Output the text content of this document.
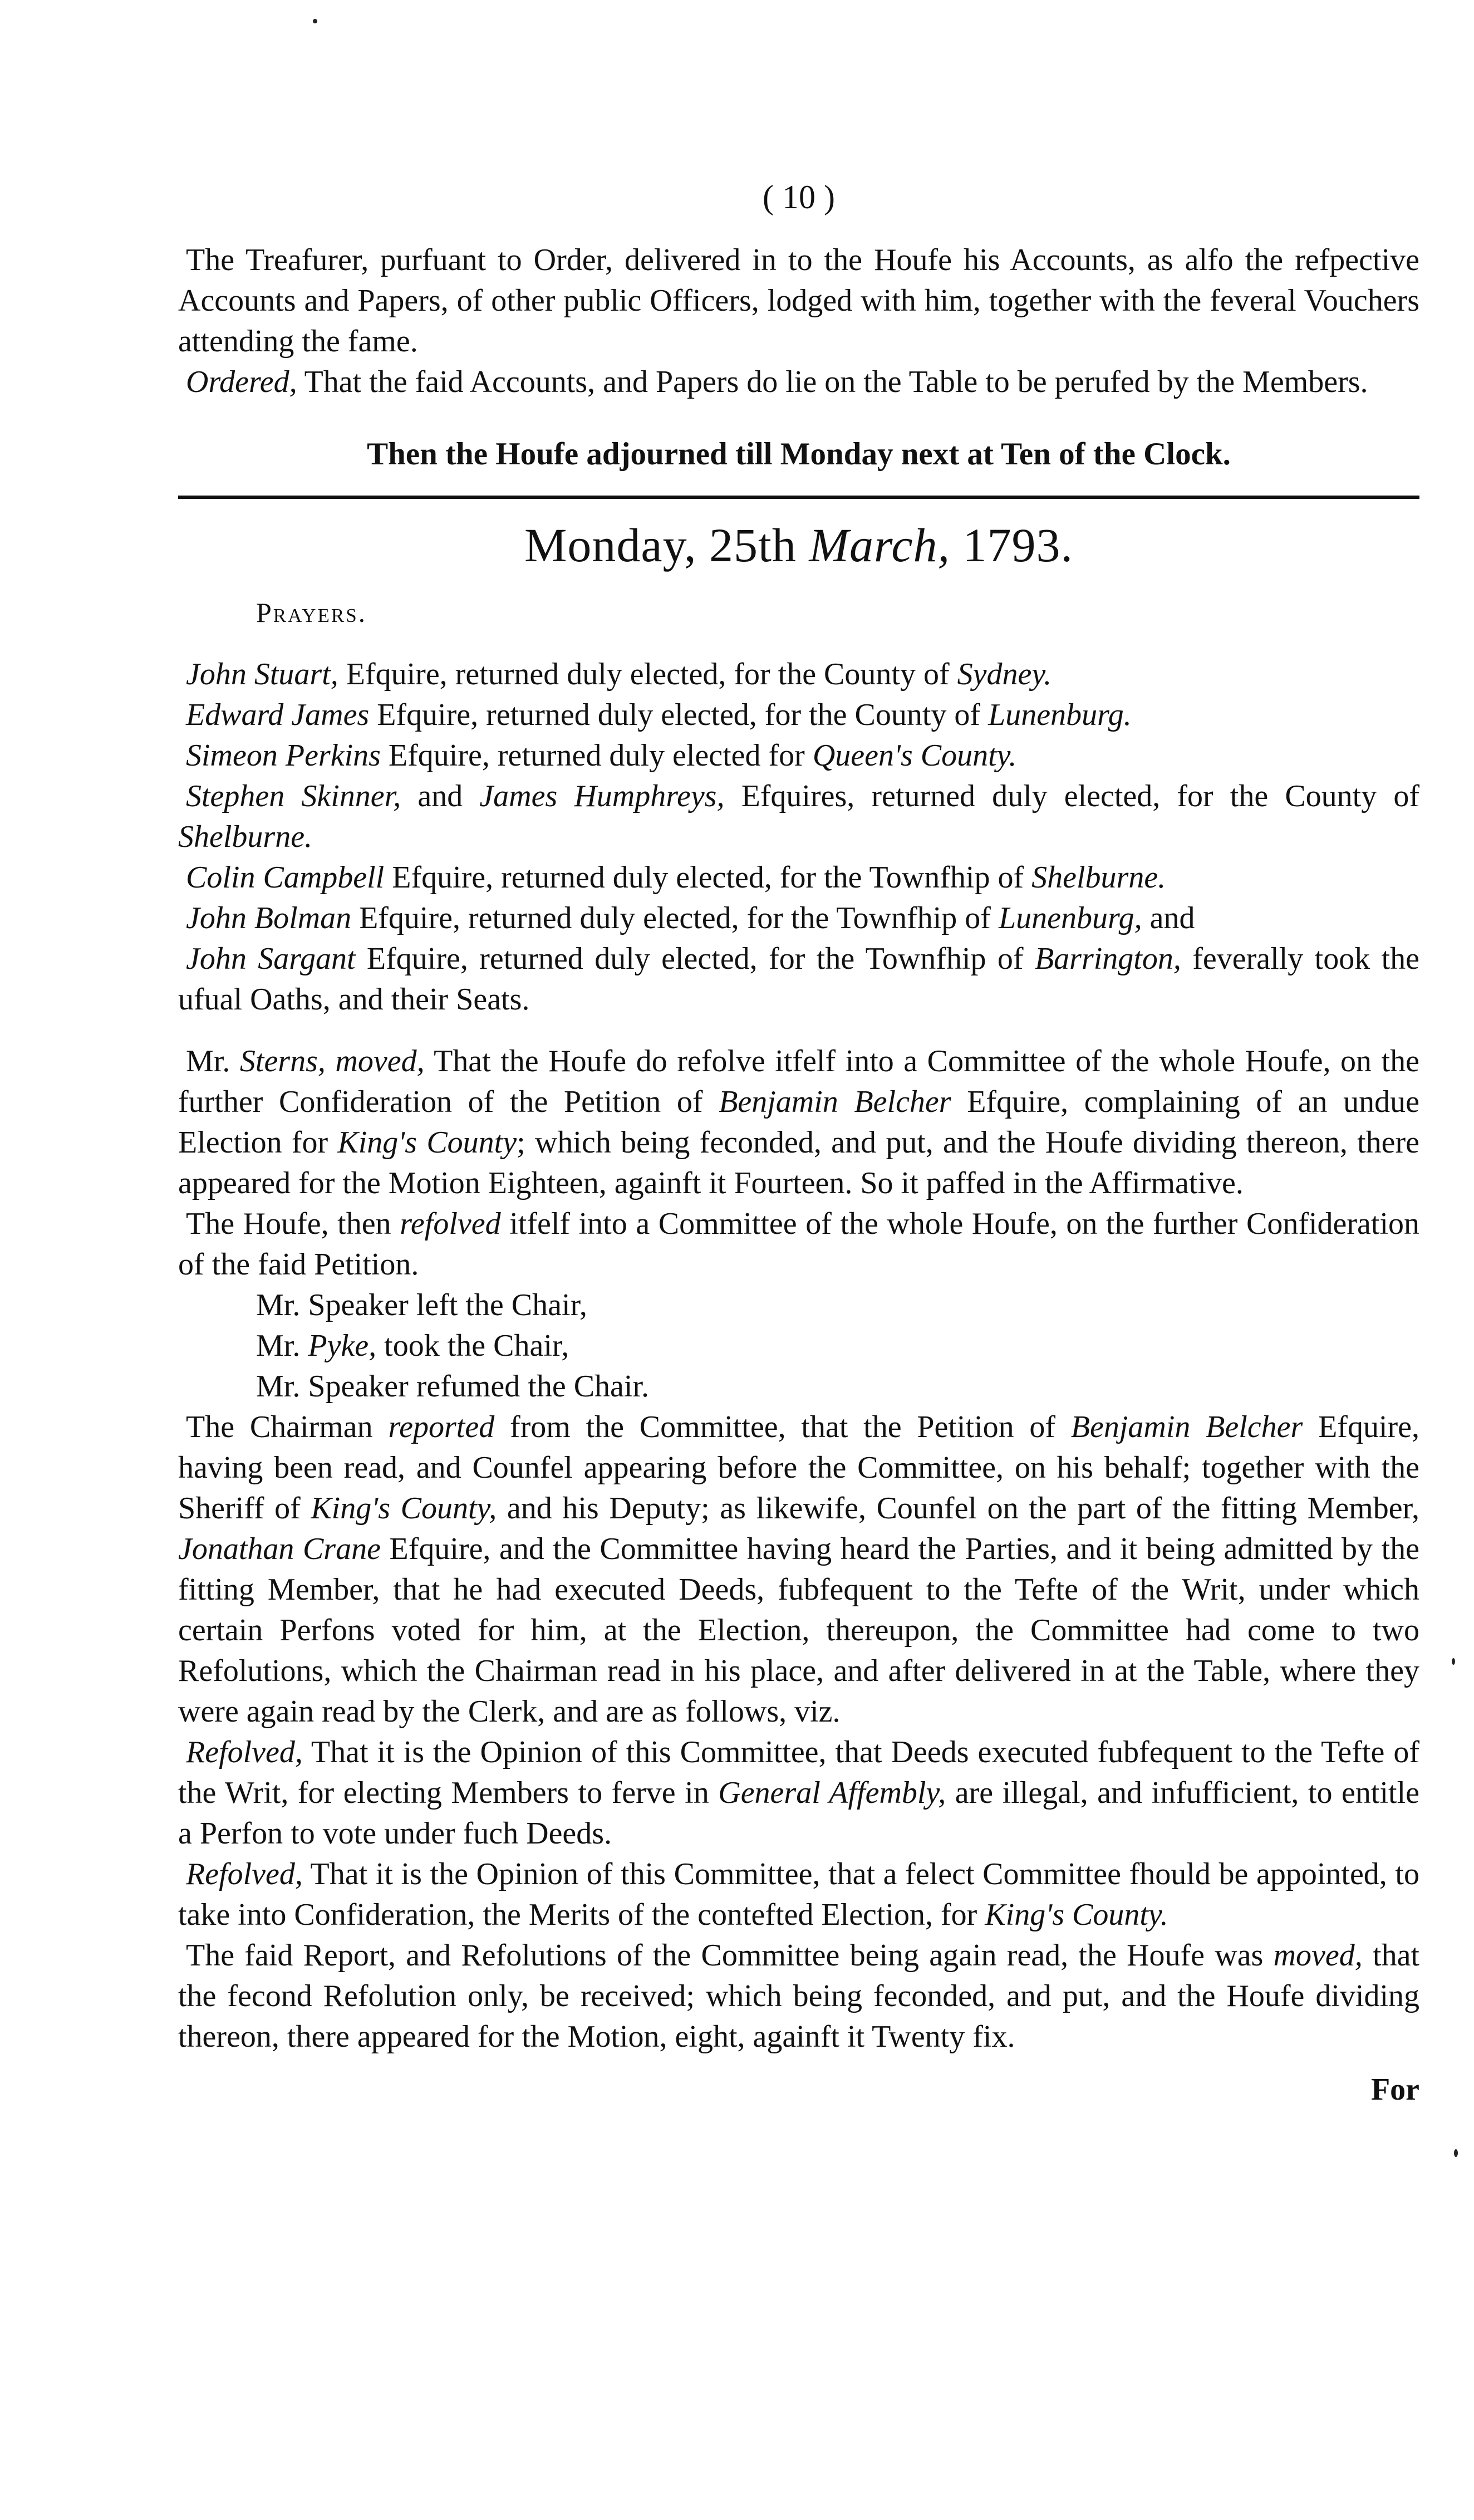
( 10 )

The Treafurer, purfuant to Order, delivered in to the Houfe his Accounts, as alfo the refpective Accounts and Papers, of other public Officers, lodged with him, together with the feveral Vouchers attending the fame.

Ordered, That the faid Accounts, and Papers do lie on the Table to be perufed by the Members.

Then the Houfe adjourned till Monday next at Ten of the Clock.
Monday, 25th March, 1793.
Prayers.

John Stuart, Efquire, returned duly elected, for the County of Sydney.

Edward James Efquire, returned duly elected, for the County of Lunenburg.

Simeon Perkins Efquire, returned duly elected for Queen's County.

Stephen Skinner, and James Humphreys, Efquires, returned duly elected, for the County of Shelburne.

Colin Campbell Efquire, returned duly elected, for the Townfhip of Shelburne.

John Bolman Efquire, returned duly elected, for the Townfhip of Lunenburg, and

John Sargant Efquire, returned duly elected, for the Townfhip of Barrington, feverally took the ufual Oaths, and their Seats.

Mr. Sterns, moved, That the Houfe do refolve itfelf into a Committee of the whole Houfe, on the further Confideration of the Petition of Benjamin Belcher Efquire, complaining of an undue Election for King's County; which being feconded, and put, and the Houfe dividing thereon, there appeared for the Motion Eighteen, againft it Fourteen. So it paffed in the Affirmative.

The Houfe, then refolved itfelf into a Committee of the whole Houfe, on the further Confideration of the faid Petition.

Mr. Speaker left the Chair,

Mr. Pyke, took the Chair,

Mr. Speaker refumed the Chair.

The Chairman reported from the Committee, that the Petition of Benjamin Belcher Efquire, having been read, and Counfel appearing before the Committee, on his behalf; together with the Sheriff of King's County, and his Deputy; as likewife, Counfel on the part of the fitting Member, Jonathan Crane Efquire, and the Committee having heard the Parties, and it being admitted by the fitting Member, that he had executed Deeds, fubfequent to the Tefte of the Writ, under which certain Perfons voted for him, at the Election, thereupon, the Committee had come to two Refolutions, which the Chairman read in his place, and after delivered in at the Table, where they were again read by the Clerk, and are as follows, viz.

Refolved, That it is the Opinion of this Committee, that Deeds executed fubfequent to the Tefte of the Writ, for electing Members to ferve in General Affembly, are illegal, and infufficient, to entitle a Perfon to vote under fuch Deeds.

Refolved, That it is the Opinion of this Committee, that a felect Committee fhould be appointed, to take into Confideration, the Merits of the contefted Election, for King's County.

The faid Report, and Refolutions of the Committee being again read, the Houfe was moved, that the fecond Refolution only, be received; which being feconded, and put, and the Houfe dividing thereon, there appeared for the Motion, eight, againft it Twenty fix.

For
